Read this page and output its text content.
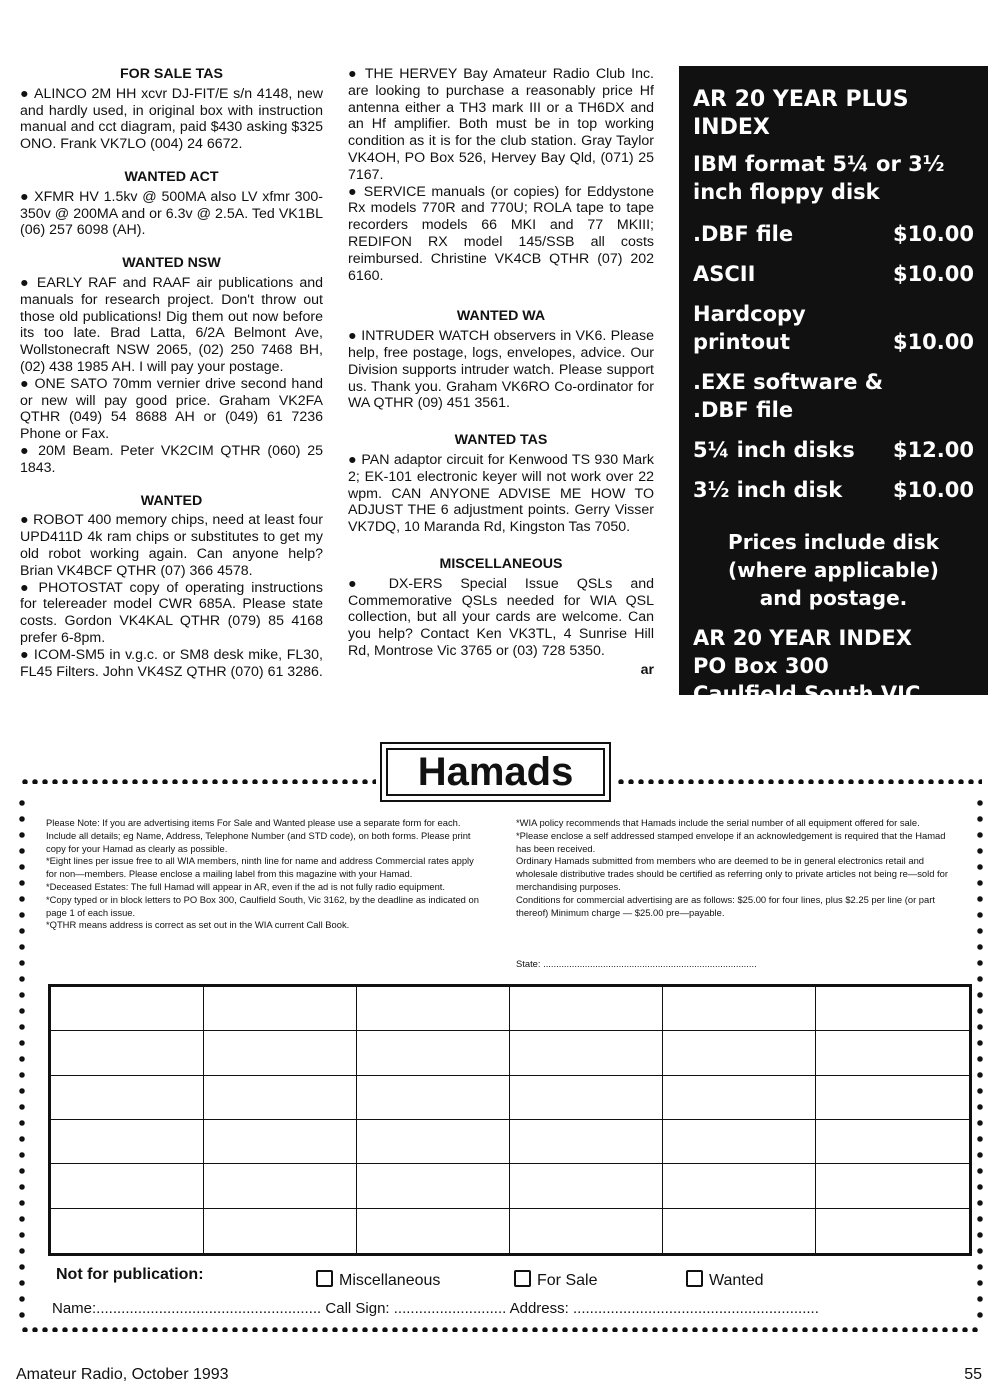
FOR SALE TAS

● ALINCO 2M HH xcvr DJ-FIT/E s/n 4148, new and hardly used, in original box with instruction manual and cct diagram, paid $430 asking $325 ONO. Frank VK7LO (004) 24 6672.

WANTED ACT

● XFMR HV 1.5kv @ 500MA also LV xfmr 300-350v @ 200MA and or 6.3v @ 2.5A. Ted VK1BL (06) 257 6098 (AH).

WANTED NSW

● EARLY RAF and RAAF air publications and manuals for research project. Don't throw out those old publications! Dig them out now before its too late. Brad Latta, 6/2A Belmont Ave, Wollstonecraft NSW 2065, (02) 250 7468 BH, (02) 438 1985 AH. I will pay your postage.

● ONE SATO 70mm vernier drive second hand or new will pay good price. Graham VK2FA QTHR (049) 54 8688 AH or (049) 61 7236 Phone or Fax.

● 20M Beam. Peter VK2CIM QTHR (060) 25 1843.

WANTED

● ROBOT 400 memory chips, need at least four UPD411D 4k ram chips or substitutes to get my old robot working again. Can anyone help? Brian VK4BCF QTHR (07) 366 4578.

● PHOTOSTAT copy of operating instructions for telereader model CWR 685A. Please state costs. Gordon VK4KAL QTHR (079) 85 4168 prefer 6-8pm.

● ICOM-SM5 in v.g.c. or SM8 desk mike, FL30, FL45 Filters. John VK4SZ QTHR (070) 61 3286.

● THE HERVEY Bay Amateur Radio Club Inc. are looking to purchase a reasonably price Hf antenna either a TH3 mark III or a TH6DX and an Hf amplifier. Both must be in top working condition as it is for the club station. Gray Taylor VK4OH, PO Box 526, Hervey Bay Qld, (071) 25 7167.

● SERVICE manuals (or copies) for Eddystone Rx models 770R and 770U; ROLA tape to tape recorders models 66 MKI and 77 MKIII; REDIFON RX model 145/SSB all costs reimbursed. Christine VK4CB QTHR (07) 202 6160.

WANTED WA

● INTRUDER WATCH observers in VK6. Please help, free postage, logs, envelopes, advice. Our Division supports intruder watch. Please support us. Thank you. Graham VK6RO Co-ordinator for WA QTHR (09) 451 3561.

WANTED TAS

● PAN adaptor circuit for Kenwood TS 930 Mark 2; EK-101 electronic keyer will not work over 22 wpm. CAN ANYONE ADVISE ME HOW TO ADJUST THE 6 adjustment points. Gerry Visser VK7DQ, 10 Maranda Rd, Kingston Tas 7050.

MISCELLANEOUS

● DX-ERS Special Issue QSLs and Commemorative QSLs needed for WIA QSL collection, but all your cards are welcome. Can you help? Contact Ken VK3TL, 4 Sunrise Hill Rd, Montrose Vic 3765 or (03) 728 5350.

ar

AR 20 YEAR PLUS INDEX

IBM format 5¼ or 3½

inch floppy disk

.DBF file	$10.00
ASCII	$10.00
Hardcopy
printout	$10.00
.EXE software &
.DBF file
5¼ inch disks $12.00
3½ inch disk $10.00
Prices include disk
(where applicable)
and postage.

AR 20 YEAR INDEX

PO Box 300

Caulfield South VIC 3162

Hamads
Please Note: If you are advertising items For Sale and Wanted please use a separate form for each. Include all details; eg Name, Address, Telephone Number (and STD code), on both forms. Please print copy for your Hamad as clearly as possible.
*Eight lines per issue free to all WIA members, ninth line for name and address Commercial rates apply for non—members. Please enclose a mailing label from this magazine with your Hamad.
*Deceased Estates: The full Hamad will appear in AR, even if the ad is not fully radio equipment.
*Copy typed or in block letters to PO Box 300, Caulfield South, Vic 3162, by the deadline as indicated on page 1 of each issue.
*QTHR means address is correct as set out in the WIA current Call Book.
*WIA policy recommends that Hamads include the serial number of all equipment offered for sale.
*Please enclose a self addressed stamped envelope if an acknowledgement is required that the Hamad has been received.
Ordinary Hamads submitted from members who are deemed to be in general electronics retail and wholesale distributive trades should be certified as referring only to private articles not being re—sold for merchandising purposes.
Conditions for commercial advertising are as follows: $25.00 for four lines, plus $2.25 per line (or part thereof) Minimum charge — $25.00 pre—payable.
State: ..................................................................................
Not for publication:	Miscellaneous	For Sale	Wanted
Name:...................................................... Call Sign: ........................... Address: ...........................................................
Amateur Radio, October 1993	55
